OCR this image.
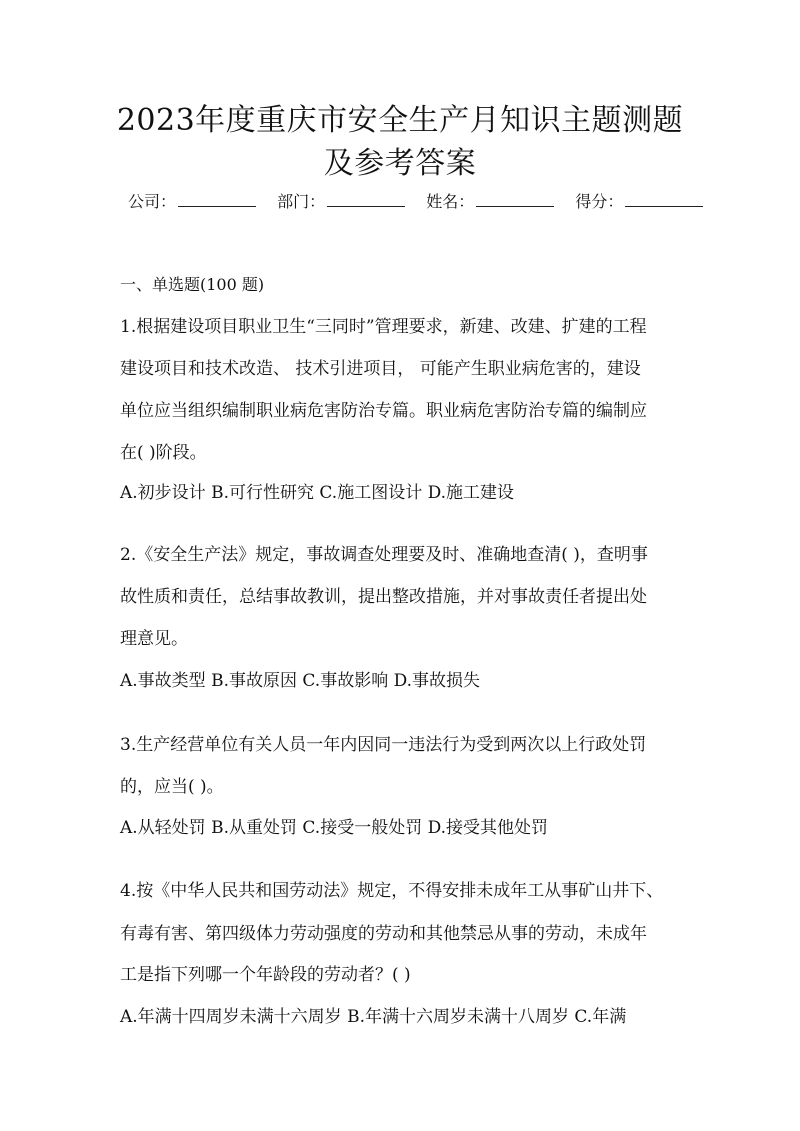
2023年度重庆市安全生产月知识主题测题
及参考答案
公司：	部门：	姓名：	得分：
一、单选题(100 题)
1.根据建设项目职业卫生“三同时”管理要求，新建、改建、扩建的工程
建设项目和技术改造、 技术引进项目， 可能产生职业病危害的，建设
单位应当组织编制职业病危害防治专篇。职业病危害防治专篇的编制应
在( )阶段。
A.初步设计 B.可行性研究 C.施工图设计 D.施工建设
2.《安全生产法》规定，事故调查处理要及时、准确地查清( )，查明事
故性质和责任，总结事故教训，提出整改措施，并对事故责任者提出处
理意见。
A.事故类型 B.事故原因 C.事故影响 D.事故损失
3.生产经营单位有关人员一年内因同一违法行为受到两次以上行政处罚
的，应当( )。
A.从轻处罚 B.从重处罚 C.接受一般处罚 D.接受其他处罚
4.按《中华人民共和国劳动法》规定，不得安排未成年工从事矿山井下、
有毒有害、第四级体力劳动强度的劳动和其他禁忌从事的劳动，未成年
工是指下列哪一个年龄段的劳动者？( )
A.年满十四周岁未满十六周岁 B.年满十六周岁未满十八周岁 C.年满
